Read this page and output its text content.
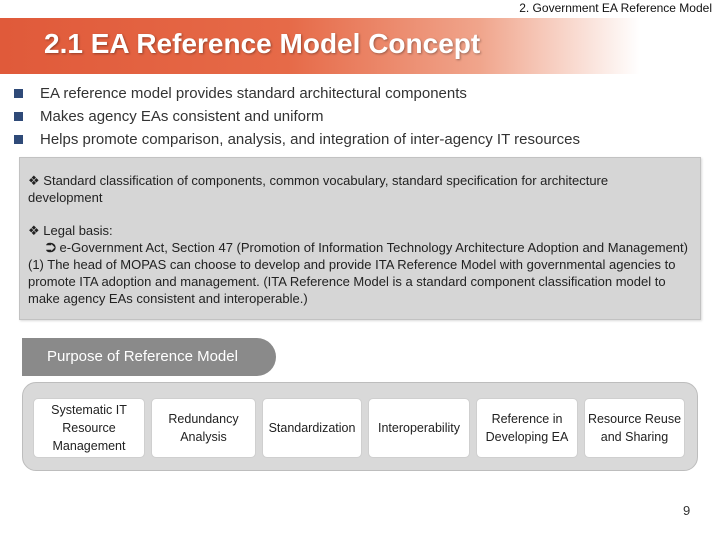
2. Government EA Reference Model
2.1 EA Reference Model Concept
EA reference model provides standard architectural components
Makes agency EAs consistent and uniform
Helps promote comparison, analysis, and integration of inter-agency IT resources
❖ Standard classification of components, common vocabulary, standard specification for architecture development
❖ Legal basis:
⮊ e-Government Act, Section 47 (Promotion of Information Technology Architecture Adoption and Management) (1) The head of MOPAS can choose to develop and provide ITA Reference Model with governmental agencies to promote ITA adoption and management. (ITA Reference Model is a standard component classification model to make agency EAs consistent and interoperable.)
Purpose of Reference Model
Systematic IT Resource Management
Redundancy Analysis
Standardization	Interoperability
Reference in Developing EA
Resource Reuse and Sharing
9
